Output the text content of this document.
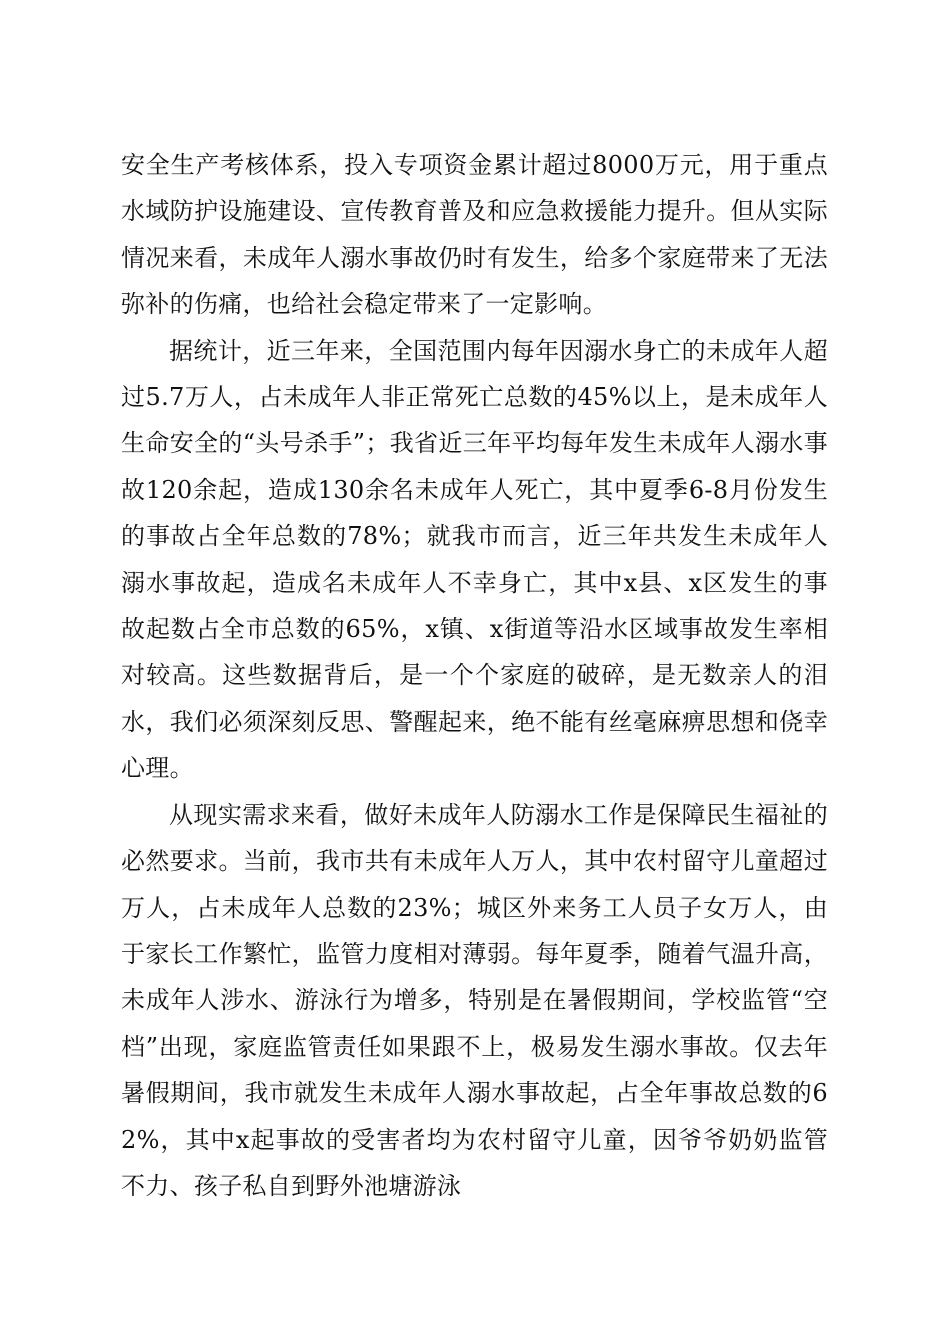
安全生产考核体系，投入专项资金累计超过8000万元，用于重点水域防护设施建设、宣传教育普及和应急救援能力提升。但从实际情况来看，未成年人溺水事故仍时有发生，给多个家庭带来了无法弥补的伤痛，也给社会稳定带来了一定影响。

据统计，近三年来，全国范围内每年因溺水身亡的未成年人超过5.7万人，占未成年人非正常死亡总数的45%以上，是未成年人生命安全的“头号杀手”；我省近三年平均每年发生未成年人溺水事故120余起，造成130余名未成年人死亡，其中夏季6-8月份发生的事故占全年总数的78%；就我市而言，近三年共发生未成年人溺水事故起，造成名未成年人不幸身亡，其中x县、x区发生的事故起数占全市总数的65%，x镇、x街道等沿水区域事故发生率相对较高。这些数据背后，是一个个家庭的破碎，是无数亲人的泪水，我们必须深刻反思、警醒起来，绝不能有丝毫麻痹思想和侥幸心理。

从现实需求来看，做好未成年人防溺水工作是保障民生福祉的必然要求。当前，我市共有未成年人万人，其中农村留守儿童超过万人，占未成年人总数的23%；城区外来务工人员子女万人，由于家长工作繁忙，监管力度相对薄弱。每年夏季，随着气温升高，未成年人涉水、游泳行为增多，特别是在暑假期间，学校监管“空档”出现，家庭监管责任如果跟不上，极易发生溺水事故。仅去年暑假期间，我市就发生未成年人溺水事故起，占全年事故总数的62%，其中x起事故的受害者均为农村留守儿童，因爷爷奶奶监管不力、孩子私自到野外池塘游泳
